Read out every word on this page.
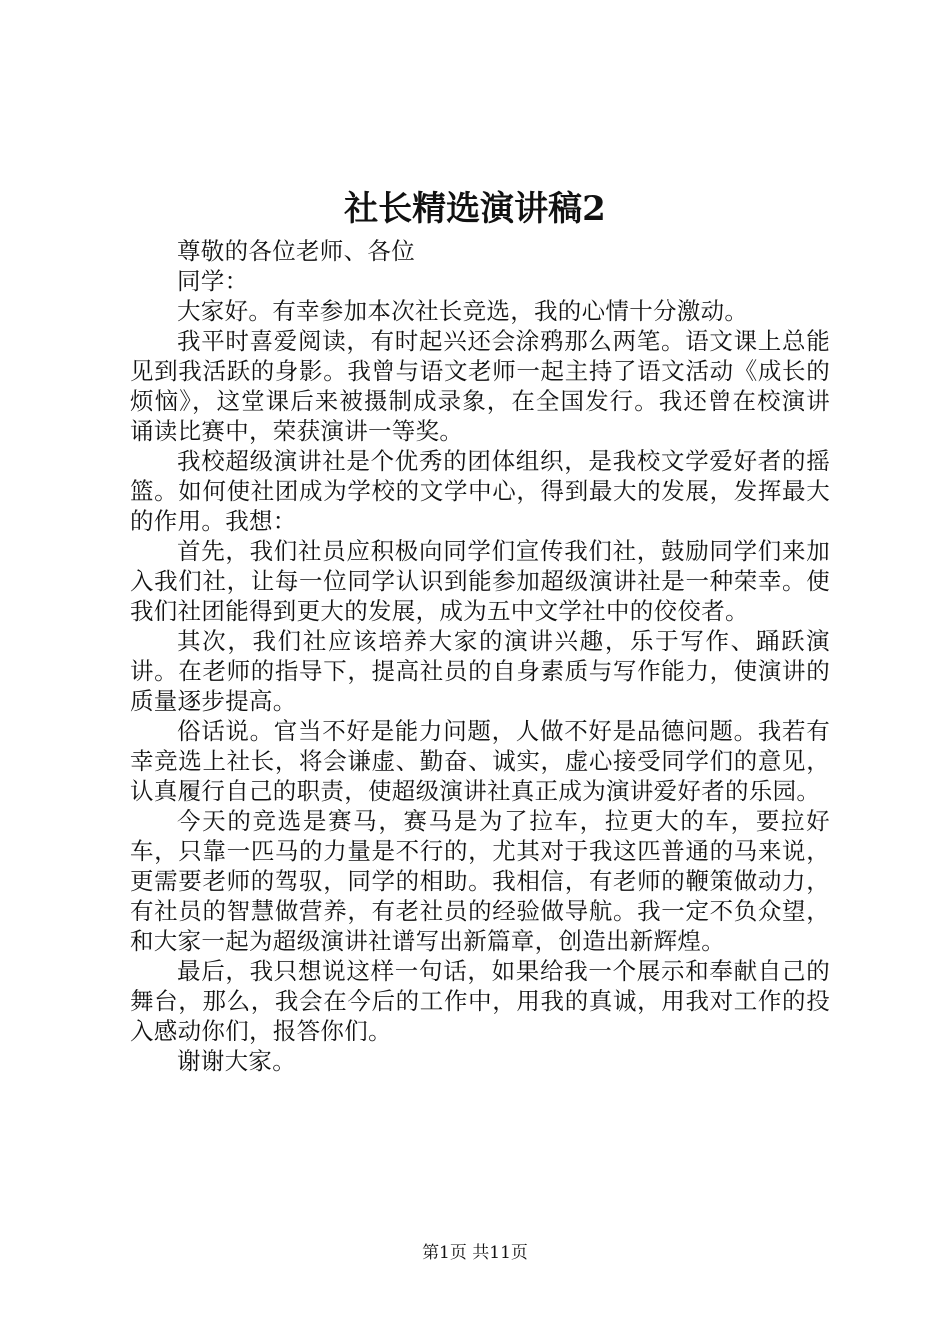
社长精选演讲稿2

尊敬的各位老师、各位

同学：

大家好。有幸参加本次社长竞选，我的心情十分激动。

我平时喜爱阅读，有时起兴还会涂鸦那么两笔。语文课上总能见到我活跃的身影。我曾与语文老师一起主持了语文活动《成长的烦恼》，这堂课后来被摄制成录象，在全国发行。我还曾在校演讲诵读比赛中，荣获演讲一等奖。

我校超级演讲社是个优秀的团体组织，是我校文学爱好者的摇篮。如何使社团成为学校的文学中心，得到最大的发展，发挥最大的作用。我想：

首先，我们社员应积极向同学们宣传我们社，鼓励同学们来加入我们社，让每一位同学认识到能参加超级演讲社是一种荣幸。使我们社团能得到更大的发展，成为五中文学社中的佼佼者。

其次，我们社应该培养大家的演讲兴趣，乐于写作、踊跃演讲。在老师的指导下，提高社员的自身素质与写作能力，使演讲的质量逐步提高。

俗话说。官当不好是能力问题，人做不好是品德问题。我若有幸竞选上社长，将会谦虚、勤奋、诚实，虚心接受同学们的意见，认真履行自己的职责，使超级演讲社真正成为演讲爱好者的乐园。

今天的竞选是赛马，赛马是为了拉车，拉更大的车，要拉好车，只靠一匹马的力量是不行的，尤其对于我这匹普通的马来说，更需要老师的驾驭，同学的相助。我相信，有老师的鞭策做动力，有社员的智慧做营养，有老社员的经验做导航。我一定不负众望，和大家一起为超级演讲社谱写出新篇章，创造出新辉煌。

最后，我只想说这样一句话，如果给我一个展示和奉献自己的舞台，那么，我会在今后的工作中，用我的真诚，用我对工作的投入感动你们，报答你们。

谢谢大家。

第1页 共11页
